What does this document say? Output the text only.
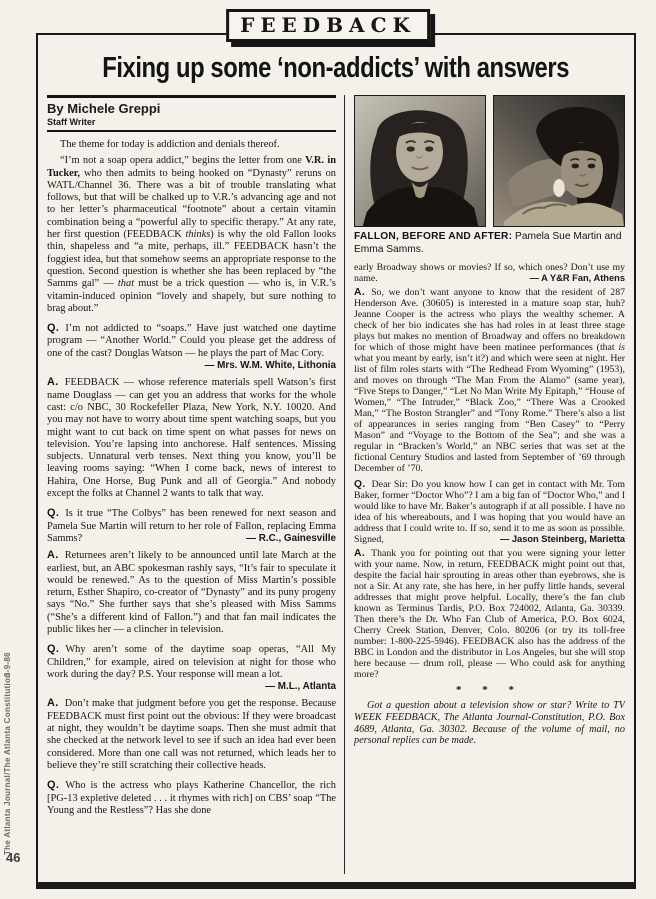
FEEDBACK
Fixing up some ‘non-addicts’ with answers
By Michele Greppi
Staff Writer

The theme for today is addiction and denials thereof.

“I’m not a soap opera addict,” begins the letter from one V.R. in Tucker, who then admits to being hooked on “Dynasty” reruns on WATL/Channel 36. There was a bit of trouble translating what follows, but that will be chalked up to V.R.’s advancing age and not to her letter’s pharmaceutical “footnote” about a certain vitamin combination being a “powerful ally to specific therapy.” At any rate, her first question (FEEDBACK thinks) is why the old Fallon looks thin, shapeless and “a mite, perhaps, ill.” FEEDBACK hasn’t the foggiest idea, but that somehow seems an appropriate response to the question. Second question is whether she has been replaced by “the Samms gal” — that must be a trick question — who is, in V.R.’s vitamin-induced opinion “lovely and shapely, but sure nothing to brag about.”

Q. I’m not addicted to “soaps.” Have just watched one daytime program — “Another World.” Could you please get the address of one of the cast? Douglas Watson — he plays the part of Mac Cory.
— Mrs. W.M. White, Lithonia

A. FEEDBACK — whose reference materials spell Watson’s first name Douglass — can get you an address that works for the whole cast: c/o NBC, 30 Rockefeller Plaza, New York, N.Y. 10020. And you may not have to worry about time spent watching soaps, but you might want to cut back on time spent on what passes for news on television. You’re lapsing into anchorese. Half sentences. Missing subjects. Unnatural verb tenses. Next thing you know, you’ll be leaving rooms saying: “When I come back, news of interest to Hahira, One Horse, Bug Punk and all of Georgia.” And nobody except the folks at Channel 2 wants to talk that way.

Q. Is it true “The Colbys” has been renewed for next season and Pamela Sue Martin will return to her role of Fallon, replacing Emma Samms?	— R.C., Gainesville

A. Returnees aren’t likely to be announced until late March at the earliest, but, an ABC spokesman rashly says, “It’s fair to speculate it would be renewed.” As to the question of Miss Martin’s possible return, Esther Shapiro, co-creator of “Dynasty” and its puny progeny says “No.” She further says that she’s pleased with Miss Samms (“She’s a different kind of Fallon.”) and that fan mail indicates the public likes her — a clincher in television.

Q. Why aren’t some of the daytime soap operas, “All My Children,” for example, aired on television at night for those who work during the day? P.S. Your response will mean a lot.
— M.L., Atlanta

A. Don’t make that judgment before you get the response. Because FEEDBACK must first point out the obvious: If they were broadcast at night, they wouldn’t be daytime soaps. Then she must admit that she checked at the network level to see if such an idea had ever been considered. More than one call was not returned, which leads her to believe they’re still scratching their collective heads.

Q. Who is the actress who plays Katherine Chancellor, the rich [PG-13 expletive deleted . . . it rhymes with rich] on CBS’ soap “The Young and the Restless”? Has she done

FALLON, BEFORE AND AFTER: Pamela Sue Martin and Emma Samms.

early Broadway shows or movies? If so, which ones? Don’t use my name.	— A Y&R Fan, Athens

A. So, we don’t want anyone to know that the resident of 287 Henderson Ave. (30605) is interested in a mature soap star, huh? Jeanne Cooper is the actress who plays the wealthy schemer. A check of her bio indicates she has had roles in at least three stage plays but makes no mention of Broadway and offers no breakdown for which of those might have been matinee performances (that is what you meant by early, isn’t it?) and which were seen at night. Her list of film roles starts with “The Redhead From Wyoming” (1953), and moves on through “The Man From the Alamo” (same year), “Five Steps to Danger,” “Let No Man Write My Epitaph,” “House of Women,” “The Intruder,” “Black Zoo,” “There Was a Crooked Man,” “The Boston Strangler” and “Tony Rome.” There’s also a list of appearances in series ranging from “Ben Casey” to “Perry Mason” and “Voyage to the Bottom of the Sea”; and she was a regular in “Bracken’s World,” an NBC series that was set at the fictional Century Studios and lasted from September of ’69 through December of ’70.

Q. Dear Sir: Do you know how I can get in contact with Mr. Tom Baker, former “Doctor Who”? I am a big fan of “Doctor Who,” and I would like to have Mr. Baker’s autograph if at all possible. I have no idea of his whereabouts, and I was hoping that you would have an address that I could write to. If so, send it to me as soon as possible. Signed,	— Jason Steinberg, Marietta

A. Thank you for pointing out that you were signing your letter with your name. Now, in return, FEEDBACK might point out that, despite the facial hair sprouting in areas other than eyebrows, she is not a Sir. At any rate, she has here, in her puffy little hands, several addresses that might prove helpful. Locally, there’s the fan club known as Terminus Tardis, P.O. Box 724002, Atlanta, Ga. 30339. Then there’s the Dr. Who Fan Club of America, P.O. Box 6024, Cherry Creek Station, Denver, Colo. 80206 (or try its toll-free number: 1-800-225-5946). FEEDBACK also has the address of the BBC in London and the distributor in Los Angeles, but she will stop here because — drum roll, please — Who could ask for anything more?

* * *

Got a question about a television show or star? Write to TV WEEK FEEDBACK, The Atlanta Journal-Constitution, P.O. Box 4689, Atlanta, Ga. 30302. Because of the volume of mail, no personal replies can be made.

3-9-86
The Atlanta Journal/The Atlanta Constitution
46
